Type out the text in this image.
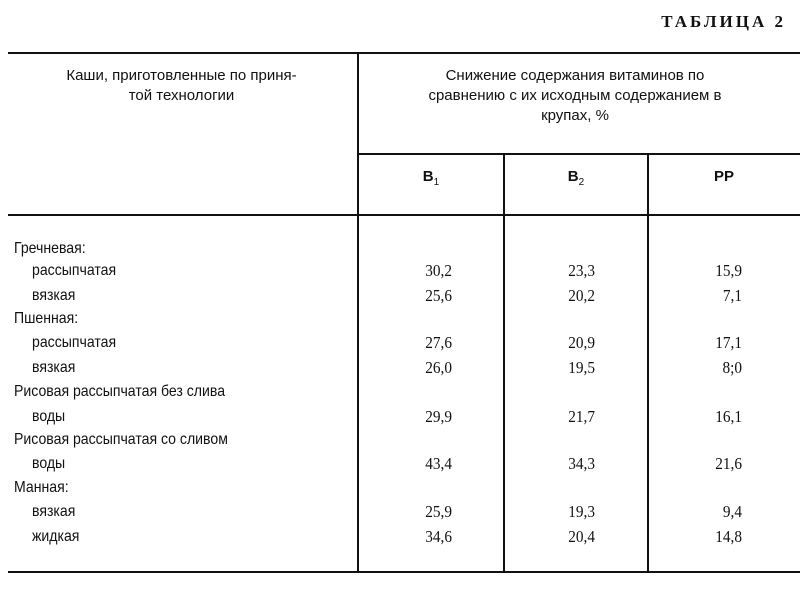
ТАБЛИЦА 2
Каши, приготовленные по приня-
той технологии
Снижение содержания витаминов по
сравнению с их исходным содержанием в
крупах, %
$B_1$	$B_2$	PP
Гречневая:
рассыпчатая	30,2	23,3	15,9
вязкая	25,6	20,2	7,1
Пшенная:
рассыпчатая	27,6	20,9	17,1
вязкая	26,0	19,5	8;0
Рисовая рассыпчатая без слива
воды	29,9	21,7	16,1
Рисовая рассыпчатая со сливом
воды	43,4	34,3	21,6
Манная:
вязкая	25,9	19,3	9,4
жидкая	34,6	20,4	14,8
